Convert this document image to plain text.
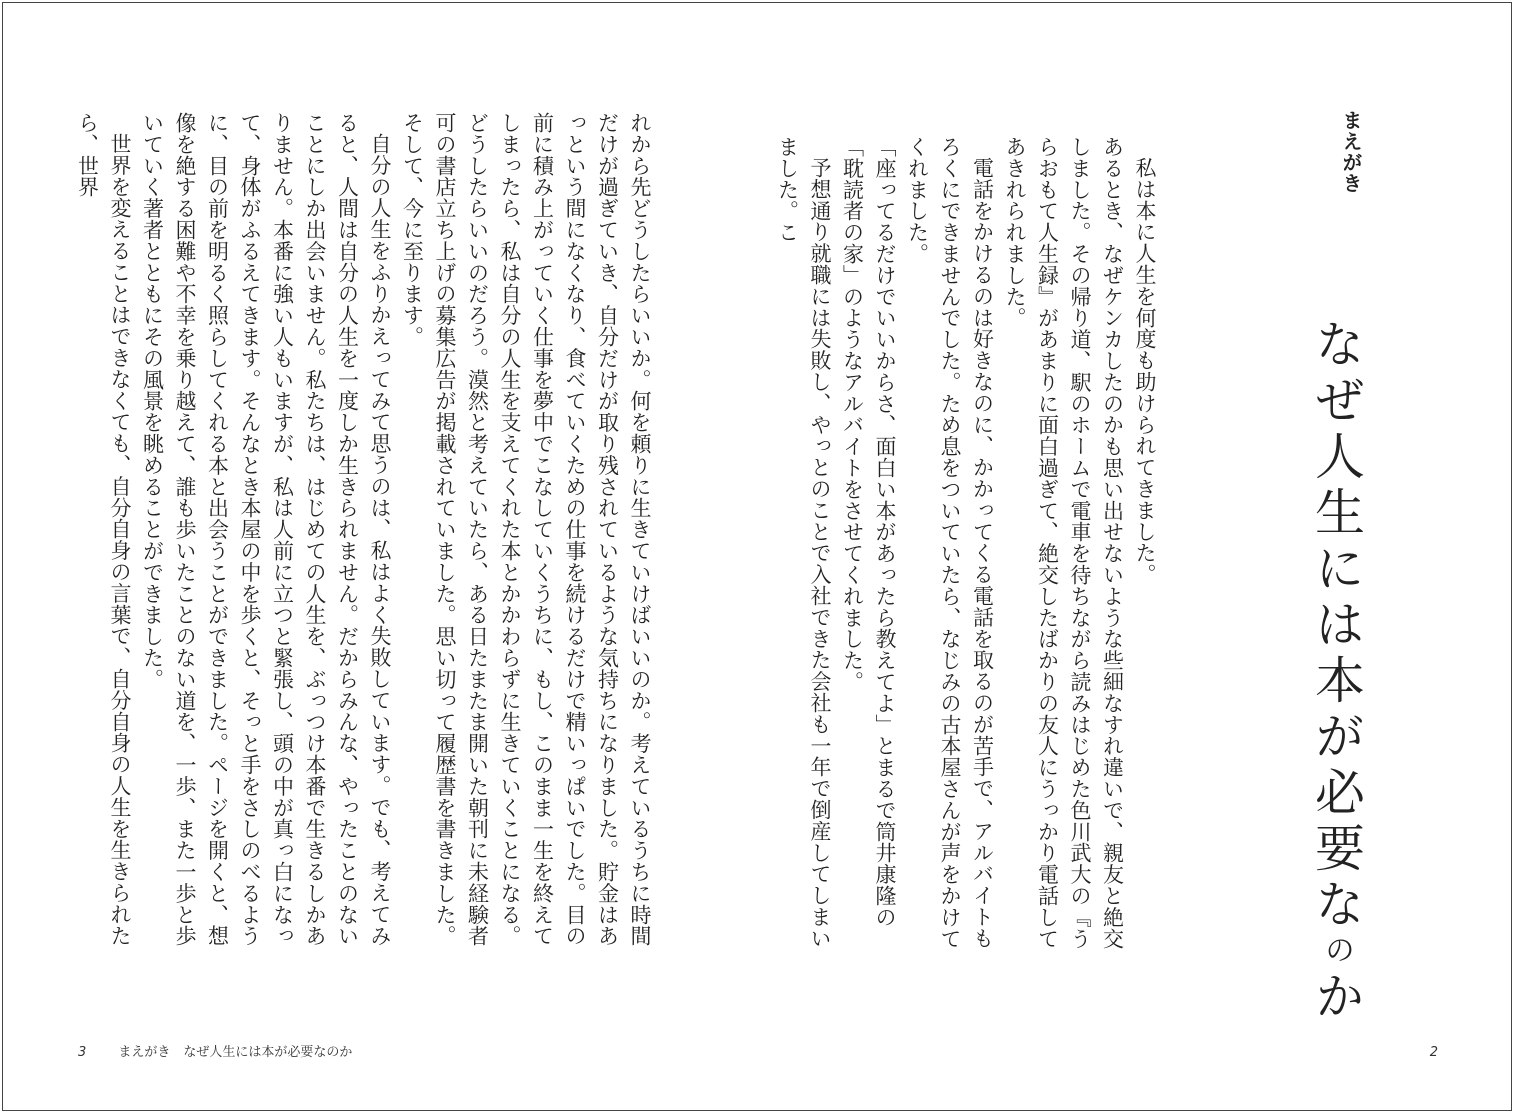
まえがき
なぜ人生には本が必要なのか

私は本に人生を何度も助けられてきました。

あるとき、なぜケンカしたのかも思い出せないような些細なすれ違いで、親友と絶交しました。その帰り道、駅のホームで電車を待ちながら読みはじめた色川武大の『うらおもて人生録』があまりに面白過ぎて、絶交したばかりの友人にうっかり電話してあきれられました。

電話をかけるのは好きなのに、かかってくる電話を取るのが苦手で、アルバイトもろくにできませんでした。ため息をついていたら、なじみの古本屋さんが声をかけてくれました。

「座ってるだけでいいからさ、面白い本があったら教えてよ」とまるで筒井康隆の「耽読者の家」のようなアルバイトをさせてくれました。

予想通り就職には失敗し、やっとのことで入社できた会社も一年で倒産してしまいました。こ

れから先どうしたらいいか。何を頼りに生きていけばいいのか。考えているうちに時間だけが過ぎていき、自分だけが取り残されているような気持ちになりました。貯金はあっという間になくなり、食べていくための仕事を続けるだけで精いっぱいでした。目の前に積み上がっていく仕事を夢中でこなしていくうちに、もし、このまま一生を終えてしまったら、私は自分の人生を支えてくれた本とかかわらずに生きていくことになる。どうしたらいいのだろう。漠然と考えていたら、ある日たまたま開いた朝刊に未経験者可の書店立ち上げの募集広告が掲載されていました。思い切って履歴書を書きました。そして、今に至ります。

自分の人生をふりかえってみて思うのは、私はよく失敗しています。でも、考えてみると、人間は自分の人生を一度しか生きられません。だからみんな、やったことのないことにしか出会いません。私たちは、はじめての人生を、ぶっつけ本番で生きるしかありません。本番に強い人もいますが、私は人前に立つと緊張し、頭の中が真っ白になって、身体がふるえてきます。そんなとき本屋の中を歩くと、そっと手をさしのべるように、目の前を明るく照らしてくれる本と出会うことができました。ページを開くと、想像を絶する困難や不幸を乗り越えて、誰も歩いたことのない道を、一歩、また一歩と歩いていく著者とともにその風景を眺めることができました。

世界を変えることはできなくても、自分自身の言葉で、自分自身の人生を生きられたら、世界

3 まえがき　なぜ人生には本が必要なのか	2
